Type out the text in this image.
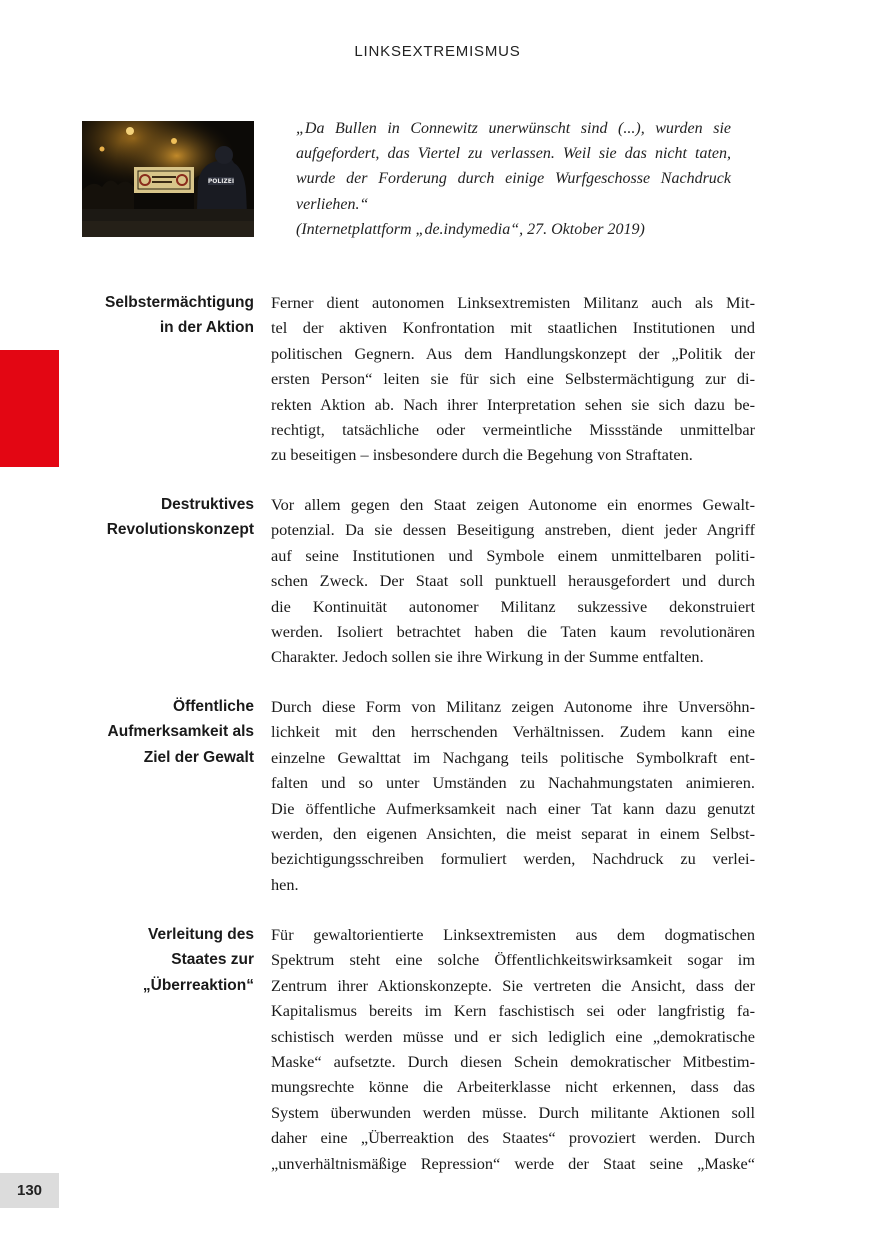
LINKSEXTREMISMUS
POLIZEI

„Da Bullen in Connewitz unerwünscht sind (...), wurden sie

aufgefordert, das Viertel zu verlassen. Weil sie das nicht taten,

wurde der Forderung durch einige Wurfgeschosse Nachdruck

verliehen.“

(Internetplattform „de.indymedia“, 27. Oktober 2019)

Selbstermächtigung
in der Aktion
Ferner dient autonomen Linksextremisten Militanz auch als Mit-
tel der aktiven Konfrontation mit staatlichen Institutionen und
politischen Gegnern. Aus dem Handlungskonzept der „Politik der
ersten Person“ leiten sie für sich eine Selbstermächtigung zur di-
rekten Aktion ab. Nach ihrer Interpretation sehen sie sich dazu be-
rechtigt, tatsächliche oder vermeintliche Missstände unmittelbar
zu beseitigen – insbesondere durch die Begehung von Straftaten.
Destruktives
Revolutionskonzept
Vor allem gegen den Staat zeigen Autonome ein enormes Gewalt-
potenzial. Da sie dessen Beseitigung anstreben, dient jeder Angriff
auf seine Institutionen und Symbole einem unmittelbaren politi-
schen Zweck. Der Staat soll punktuell herausgefordert und durch
die Kontinuität autonomer Militanz sukzessive dekonstruiert
werden. Isoliert betrachtet haben die Taten kaum revolutionären
Charakter. Jedoch sollen sie ihre Wirkung in der Summe entfalten.
Öffentliche
Aufmerksamkeit als
Ziel der Gewalt
Durch diese Form von Militanz zeigen Autonome ihre Unversöhn-
lichkeit mit den herrschenden Verhältnissen. Zudem kann eine
einzelne Gewalttat im Nachgang teils politische Symbolkraft ent-
falten und so unter Umständen zu Nachahmungstaten animieren.
Die öffentliche Aufmerksamkeit nach einer Tat kann dazu genutzt
werden, den eigenen Ansichten, die meist separat in einem Selbst-
bezichtigungsschreiben formuliert werden, Nachdruck zu verlei-
hen.
Verleitung des
Staates zur
„Überreaktion“
Für gewaltorientierte Linksextremisten aus dem dogmatischen
Spektrum steht eine solche Öffentlichkeitswirksamkeit sogar im
Zentrum ihrer Aktionskonzepte. Sie vertreten die Ansicht, dass der
Kapitalismus bereits im Kern faschistisch sei oder langfristig fa-
schistisch werden müsse und er sich lediglich eine „demokratische
Maske“ aufsetzte. Durch diesen Schein demokratischer Mitbestim-
mungsrechte könne die Arbeiterklasse nicht erkennen, dass das
System überwunden werden müsse. Durch militante Aktionen soll
daher eine „Überreaktion des Staates“ provoziert werden. Durch
„unverhältnismäßige Repression“ werde der Staat seine „Maske“
130
